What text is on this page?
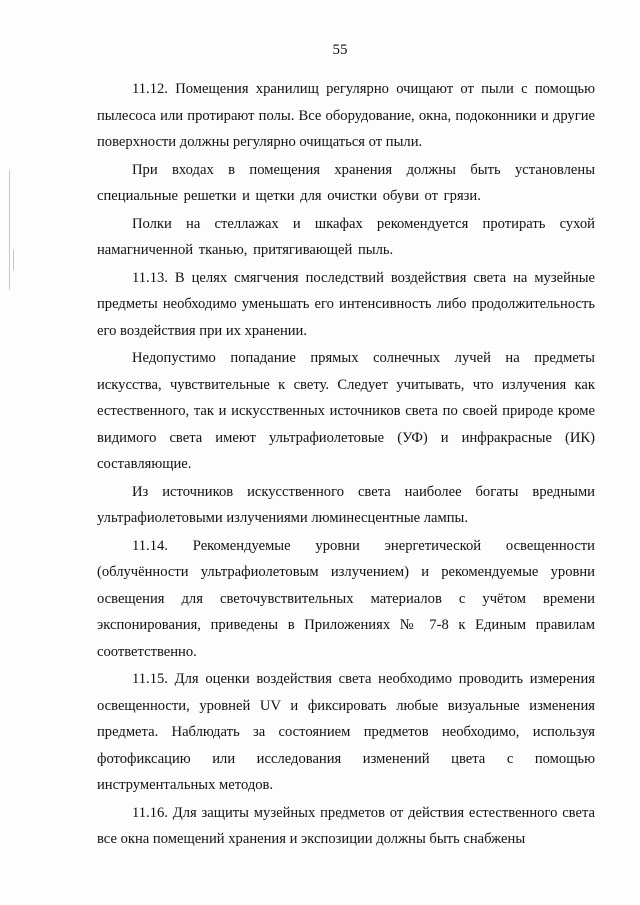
55

11.12. Помещения хранилищ регулярно очищают от пыли с помощью пылесоса или протирают полы. Все оборудование, окна, подоконники и другие поверхности должны регулярно очищаться от пыли.

При входах в помещения хранения должны быть установлены специальные решетки и щетки для очистки обуви от грязи.

Полки на стеллажах и шкафах рекомендуется протирать сухой намагниченной тканью, притягивающей пыль.

11.13. В целях смягчения последствий воздействия света на музейные предметы необходимо уменьшать его интенсивность либо продолжительность его воздействия при их хранении.

Недопустимо попадание прямых солнечных лучей на предметы искусства, чувствительные к свету. Следует учитывать, что излучения как естественного, так и искусственных источников света по своей природе кроме видимого света имеют ультрафиолетовые (УФ) и инфракрасные (ИК) составляющие.

Из источников искусственного света наиболее богаты вредными ультрафиолетовыми излучениями люминесцентные лампы.

11.14. Рекомендуемые уровни энергетической освещенности (облучённости ультрафиолетовым излучением) и рекомендуемые уровни освещения для светочувствительных материалов с учётом времени экспонирования, приведены в Приложениях № 7-8 к Единым правилам соответственно.

11.15. Для оценки воздействия света необходимо проводить измерения освещенности, уровней UV и фиксировать любые визуальные изменения предмета. Наблюдать за состоянием предметов необходимо, используя фотофиксацию или исследования изменений цвета с помощью инструментальных методов.

11.16. Для защиты музейных предметов от действия естественного света все окна помещений хранения и экспозиции должны быть снабжены
